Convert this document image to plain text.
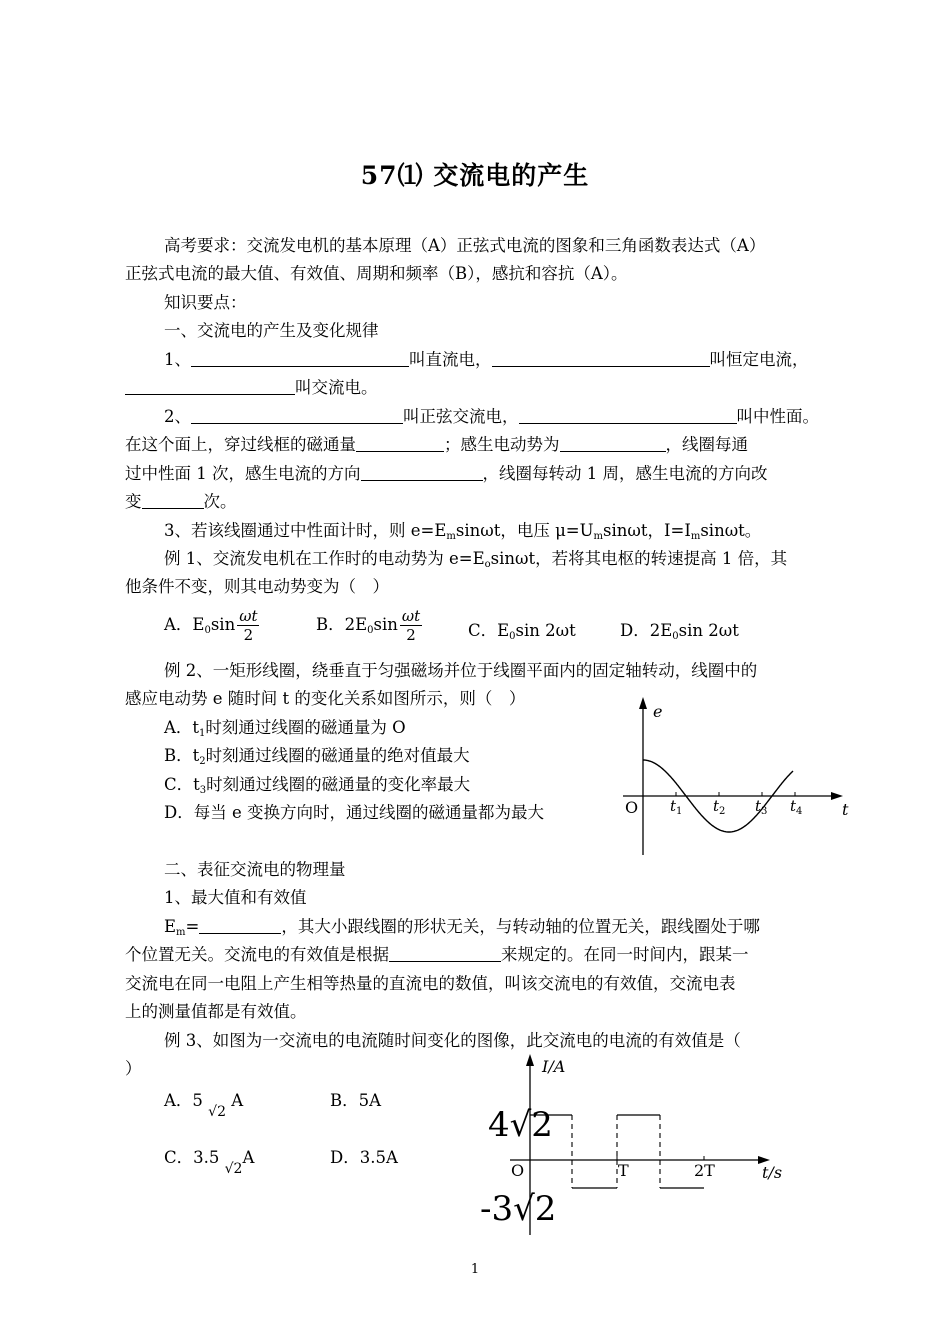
57⑴ 交流电的产生
高考要求：交流发电机的基本原理（A）正弦式电流的图象和三角函数表达式（A）
正弦式电流的最大值、有效值、周期和频率（B），感抗和容抗（A）。
知识要点：
一、交流电的产生及变化规律
1、	叫直流电，	叫恒定电流，
叫交流电。
2、	叫正弦交流电，	叫中性面。
在这个面上，穿过线框的磁通量	；感生电动势为	，线圈每通
过中性面 1 次，感生电流的方向	，线圈每转动 1 周，感生电流的方向改
变	次。
3、若该线圈通过中性面计时，则 $e=E_m\sin\omega t$，电压 $\mu=U_m\sin\omega t$，$I=I_m\sin\omega t$。
例 1、交流发电机在工作时的电动势为 $e=E_o\sin\omega t$，若将其电枢的转速提高 1 倍，其
他条件不变，则其电动势变为（　）
A．$E_0\sin \frac{\omega t}{2}$	B．$2E_0\sin \frac{\omega t}{2}$	C．$E_0\sin$ 2ωt	D．$2E_0\sin$ 2ωt
例 2、一矩形线圈，绕垂直于匀强磁场并位于线圈平面内的固定轴转动，线圈中的
感应电动势 e 随时间 t 的变化关系如图所示，则（　）
A．$t_1$时刻通过线圈的磁通量为 O
B．$t_2$时刻通过线圈的磁通量的绝对值最大
C．$t_3$时刻通过线圈的磁通量的变化率最大
D．每当 e 变换方向时，通过线圈的磁通量都为最大
e
t
O $t_1$ $t_2$ $t_3$ $t_4$
二、表征交流电的物理量
1、最大值和有效值
$E_m=$	，其大小跟线圈的形状无关，与转动轴的位置无关，跟线圈处于哪
个位置无关。交流电的有效值是根据	来规定的。在同一时间内，跟某一
交流电在同一电阻上产生相等热量的直流电的数值，叫该交流电的有效值，交流电表
上的测量值都是有效值。
例 3、如图为一交流电的电流随时间变化的图像，此交流电的电流的有效值是（
）
A．5 √2 A	B．5A
C．3.5 √2A	D．3.5A
I/A
t/s
O	T	2T
4√2
-3√2
1
